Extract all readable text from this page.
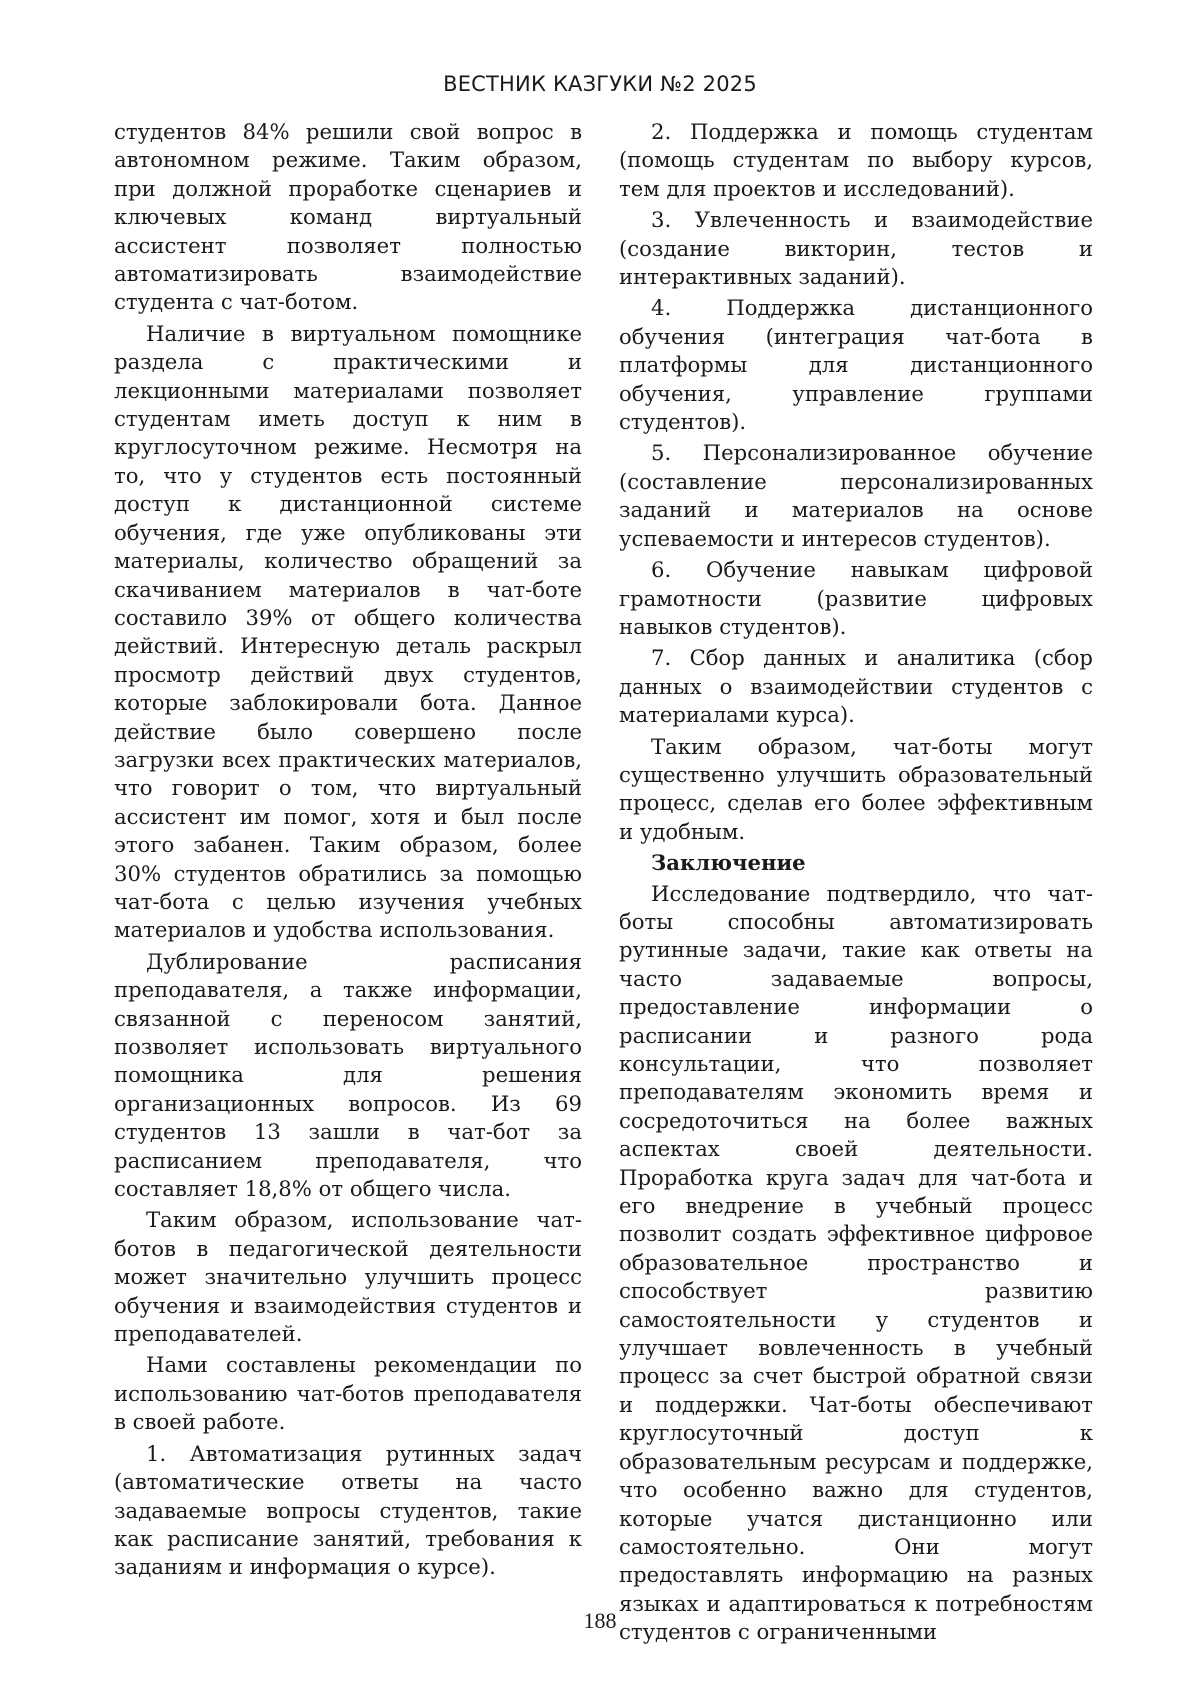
ВЕСТНИК КАЗГУКИ №2 2025

студентов 84% решили свой вопрос в автономном режиме. Таким образом, при должной проработке сценариев и ключевых команд виртуальный ассистент позволяет полностью автоматизировать взаимодействие студента с чат-ботом.

Наличие в виртуальном помощнике раздела с практическими и лекционными материалами позволяет студентам иметь доступ к ним в круглосуточном режиме. Несмотря на то, что у студентов есть постоянный доступ к дистанционной системе обучения, где уже опубликованы эти материалы, количество обращений за скачиванием материалов в чат-боте составило 39% от общего количества действий. Интересную деталь раскрыл просмотр действий двух студентов, которые заблокировали бота. Данное действие было совершено после загрузки всех практических материалов, что говорит о том, что виртуальный ассистент им помог, хотя и был после этого забанен. Таким образом, более 30% студентов обратились за помощью чат-бота с целью изучения учебных материалов и удобства использования.

Дублирование расписания преподавателя, а также информации, связанной с переносом занятий, позволяет использовать виртуального помощника для решения организационных вопросов. Из 69 студентов 13 зашли в чат-бот за расписанием преподавателя, что составляет 18,8% от общего числа.

Таким образом, использование чат-ботов в педагогической деятельности может значительно улучшить процесс обучения и взаимодействия студентов и преподавателей.

Нами составлены рекомендации по использованию чат-ботов преподавателя в своей работе.

1. Автоматизация рутинных задач (автоматические ответы на часто задаваемые вопросы студентов, такие как расписание занятий, требования к заданиям и информация о курсе).

2. Поддержка и помощь студентам (помощь студентам по выбору курсов, тем для проектов и исследований).

3. Увлеченность и взаимодействие (создание викторин, тестов и интерактивных заданий).

4. Поддержка дистанционного обучения (интеграция чат-бота в платформы для дистанционного обучения, управление группами студентов).

5. Персонализированное обучение (составление персонализированных заданий и материалов на основе успеваемости и интересов студентов).

6. Обучение навыкам цифровой грамотности (развитие цифровых навыков студентов).

7. Сбор данных и аналитика (сбор данных о взаимодействии студентов с материалами курса).

Таким образом, чат-боты могут существенно улучшить образовательный процесс, сделав его более эффективным и удобным.

Заключение

Исследование подтвердило, что чат-боты способны автоматизировать рутинные задачи, такие как ответы на часто задаваемые вопросы, предоставление информации о расписании и разного рода консультации, что позволяет преподавателям экономить время и сосредоточиться на более важных аспектах своей деятельности. Проработка круга задач для чат-бота и его внедрение в учебный процесс позволит создать эффективное цифровое образовательное пространство и способствует развитию самостоятельности у студентов и улучшает вовлеченность в учебный процесс за счет быстрой обратной связи и поддержки. Чат-боты обеспечивают круглосуточный доступ к образовательным ресурсам и поддержке, что особенно важно для студентов, которые учатся дистанционно или самостоятельно. Они могут предоставлять информацию на разных языках и адаптироваться к потребностям студентов с ограниченными

188
